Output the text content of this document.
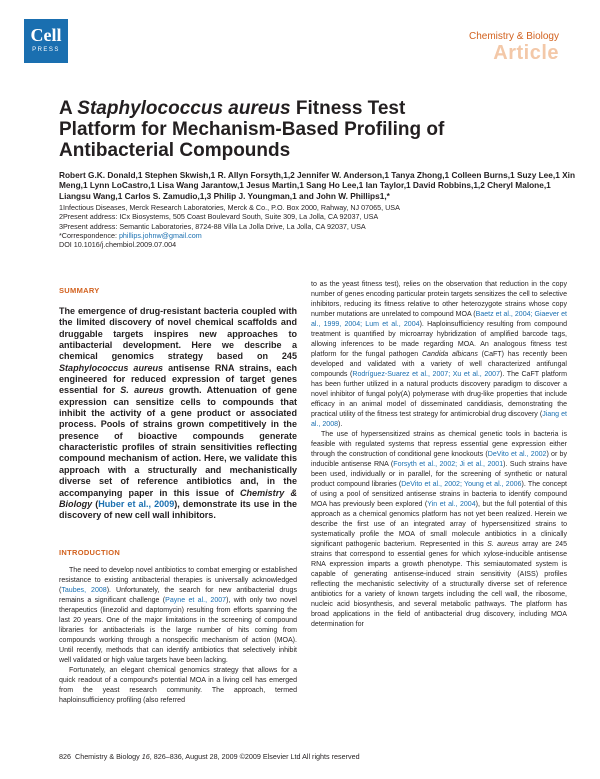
Cell
PRESS
Chemistry & Biology
Article
A Staphylococcus aureus Fitness Test Platform for Mechanism-Based Profiling of Antibacterial Compounds
Robert G.K. Donald,1 Stephen Skwish,1 R. Allyn Forsyth,1,2 Jennifer W. Anderson,1 Tanya Zhong,1 Colleen Burns,1 Suzy Lee,1 Xin Meng,1 Lynn LoCastro,1 Lisa Wang Jarantow,1 Jesus Martin,1 Sang Ho Lee,1 Ian Taylor,1 David Robbins,1,2 Cheryl Malone,1 Liangsu Wang,1 Carlos S. Zamudio,1,3 Philip J. Youngman,1 and John W. Phillips1,*
1Infectious Diseases, Merck Research Laboratories, Merck & Co., P.O. Box 2000, Rahway, NJ 07065, USA
2Present address: ICx Biosystems, 505 Coast Boulevard South, Suite 309, La Jolla, CA 92037, USA
3Present address: Semantic Laboratories, 8724-88 Villa La Jolla Drive, La Jolla, CA 92037, USA
*Correspondence: phillips.johnw@gmail.com
DOI 10.1016/j.chembiol.2009.07.004
SUMMARY
The emergence of drug-resistant bacteria coupled with the limited discovery of novel chemical scaffolds and druggable targets inspires new approaches to antibacterial development. Here we describe a chemical genomics strategy based on 245 Staphylococcus aureus antisense RNA strains, each engineered for reduced expression of target genes essential for S. aureus growth. Attenuation of gene expression can sensitize cells to compounds that inhibit the activity of a gene product or associated process. Pools of strains grown competitively in the presence of bioactive compounds generate characteristic profiles of strain sensitivities reflecting compound mechanism of action. Here, we validate this approach with a structurally and mechanistically diverse set of reference antibiotics and, in the accompanying paper in this issue of Chemistry & Biology (Huber et al., 2009), demonstrate its use in the discovery of new cell wall inhibitors.
INTRODUCTION

The need to develop novel antibiotics to combat emerging or established resistance to existing antibacterial therapies is universally acknowledged (Taubes, 2008). Unfortunately, the search for new antibacterial drugs remains a significant challenge (Payne et al., 2007), with only two novel therapeutics (linezolid and daptomycin) resulting from efforts spanning the last 20 years. One of the major limitations in the screening of compound libraries for antibacterials is the large number of hits coming from compounds working through a nonspecific mechanism of action (MOA). Until recently, methods that can identify antibiotics that selectively inhibit well validated or high value targets have been lacking.

Fortunately, an elegant chemical genomics strategy that allows for a quick readout of a compound's potential MOA in a living cell has emerged from the yeast research community. The approach, termed haploinsufficiency profiling (also referred

to as the yeast fitness test), relies on the observation that reduction in the copy number of genes encoding particular protein targets sensitizes the cell to selective inhibitors, reducing its fitness relative to other heterozygote strains whose copy number mutations are unrelated to compound MOA (Baetz et al., 2004; Giaever et al., 1999, 2004; Lum et al., 2004). Haploinsufficiency resulting from compound treatment is quantified by microarray hybridization of amplified barcode tags, allowing inferences to be made regarding MOA. An analogous fitness test platform for the fungal pathogen Candida albicans (CaFT) has recently been developed and validated with a variety of well characterized antifungal compounds (Rodríguez-Suarez et al., 2007; Xu et al., 2007). The CaFT platform has been further utilized in a natural products discovery paradigm to discover a novel inhibitor of fungal poly(A) polymerase with drug-like properties that include efficacy in an animal model of disseminated candidiasis, demonstrating the practical utility of the fitness test strategy for antimicrobial drug discovery (Jiang et al., 2008).

The use of hypersensitized strains as chemical genetic tools in bacteria is feasible with regulated systems that repress essential gene expression either through the construction of conditional gene knockouts (DeVito et al., 2002) or by inducible antisense RNA (Forsyth et al., 2002; Ji et al., 2001). Such strains have been used, individually or in parallel, for the screening of synthetic or natural product compound libraries (DeVito et al., 2002; Young et al., 2006). The concept of using a pool of sensitized antisense strains in bacteria to identify compound MOA has previously been explored (Yin et al., 2004), but the full potential of this approach as a chemical genomics platform has not yet been realized. Herein we describe the first use of an integrated array of hypersensitized strains to systematically profile the MOA of small molecule antibiotics in a clinically significant pathogenic bacterium. Represented in this S. aureus array are 245 strains that correspond to essential genes for which xylose-inducible antisense RNA expression imparts a growth phenotype. This semiautomated system is capable of generating antisense-induced strain sensitivity (AISS) profiles reflecting the mechanistic selectivity of a structurally diverse set of reference antibiotics for a variety of known targets including the cell wall, the ribosome, nucleic acid biosynthesis, and several metabolic pathways. The platform has broad applications in the field of antibacterial drug discovery, including MOA determination for

826 Chemistry & Biology 16, 826–836, August 28, 2009 ©2009 Elsevier Ltd All rights reserved
